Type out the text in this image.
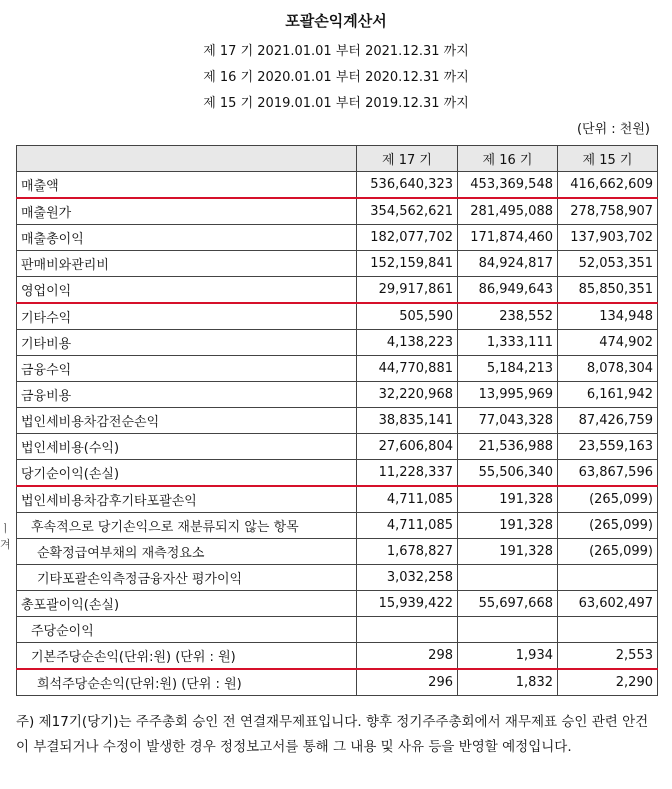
포괄손익계산서
제 17 기 2021.01.01 부터 2021.12.31 까지
제 16 기 2020.01.01 부터 2020.12.31 까지
제 15 기 2019.01.01 부터 2019.12.31 까지
(단위 : 천원)
ㅣ 겨
	제 17 기	제 16 기	제 15 기
매출액	536,640,323	453,369,548	416,662,609
매출원가	354,562,621	281,495,088	278,758,907
매출총이익	182,077,702	171,874,460	137,903,702
판매비와관리비	152,159,841	84,924,817	52,053,351
영업이익	29,917,861	86,949,643	85,850,351
기타수익	505,590	238,552	134,948
기타비용	4,138,223	1,333,111	474,902
금융수익	44,770,881	5,184,213	8,078,304
금융비용	32,220,968	13,995,969	6,161,942
법인세비용차감전순손익	38,835,141	77,043,328	87,426,759
법인세비용(수익)	27,606,804	21,536,988	23,559,163
당기순이익(손실)	11,228,337	55,506,340	63,867,596
법인세비용차감후기타포괄손익	4,711,085	191,328	(265,099)
후속적으로 당기손익으로 재분류되지 않는 항목	4,711,085	191,328	(265,099)
순확정급여부채의 재측정요소	1,678,827	191,328	(265,099)
기타포괄손익측정금융자산 평가이익	3,032,258		
총포괄이익(손실)	15,939,422	55,697,668	63,602,497
주당순이익			
기본주당순손익(단위:원) (단위 : 원)	298	1,934	2,553
희석주당순손익(단위:원) (단위 : 원)	296	1,832	2,290
주) 제17기(당기)는 주주총회 승인 전 연결재무제표입니다. 향후 정기주주총회에서 재무제표 승인 관련 안건이 부결되거나 수정이 발생한 경우 정정보고서를 통해 그 내용 및 사유 등을 반영할 예정입니다.
